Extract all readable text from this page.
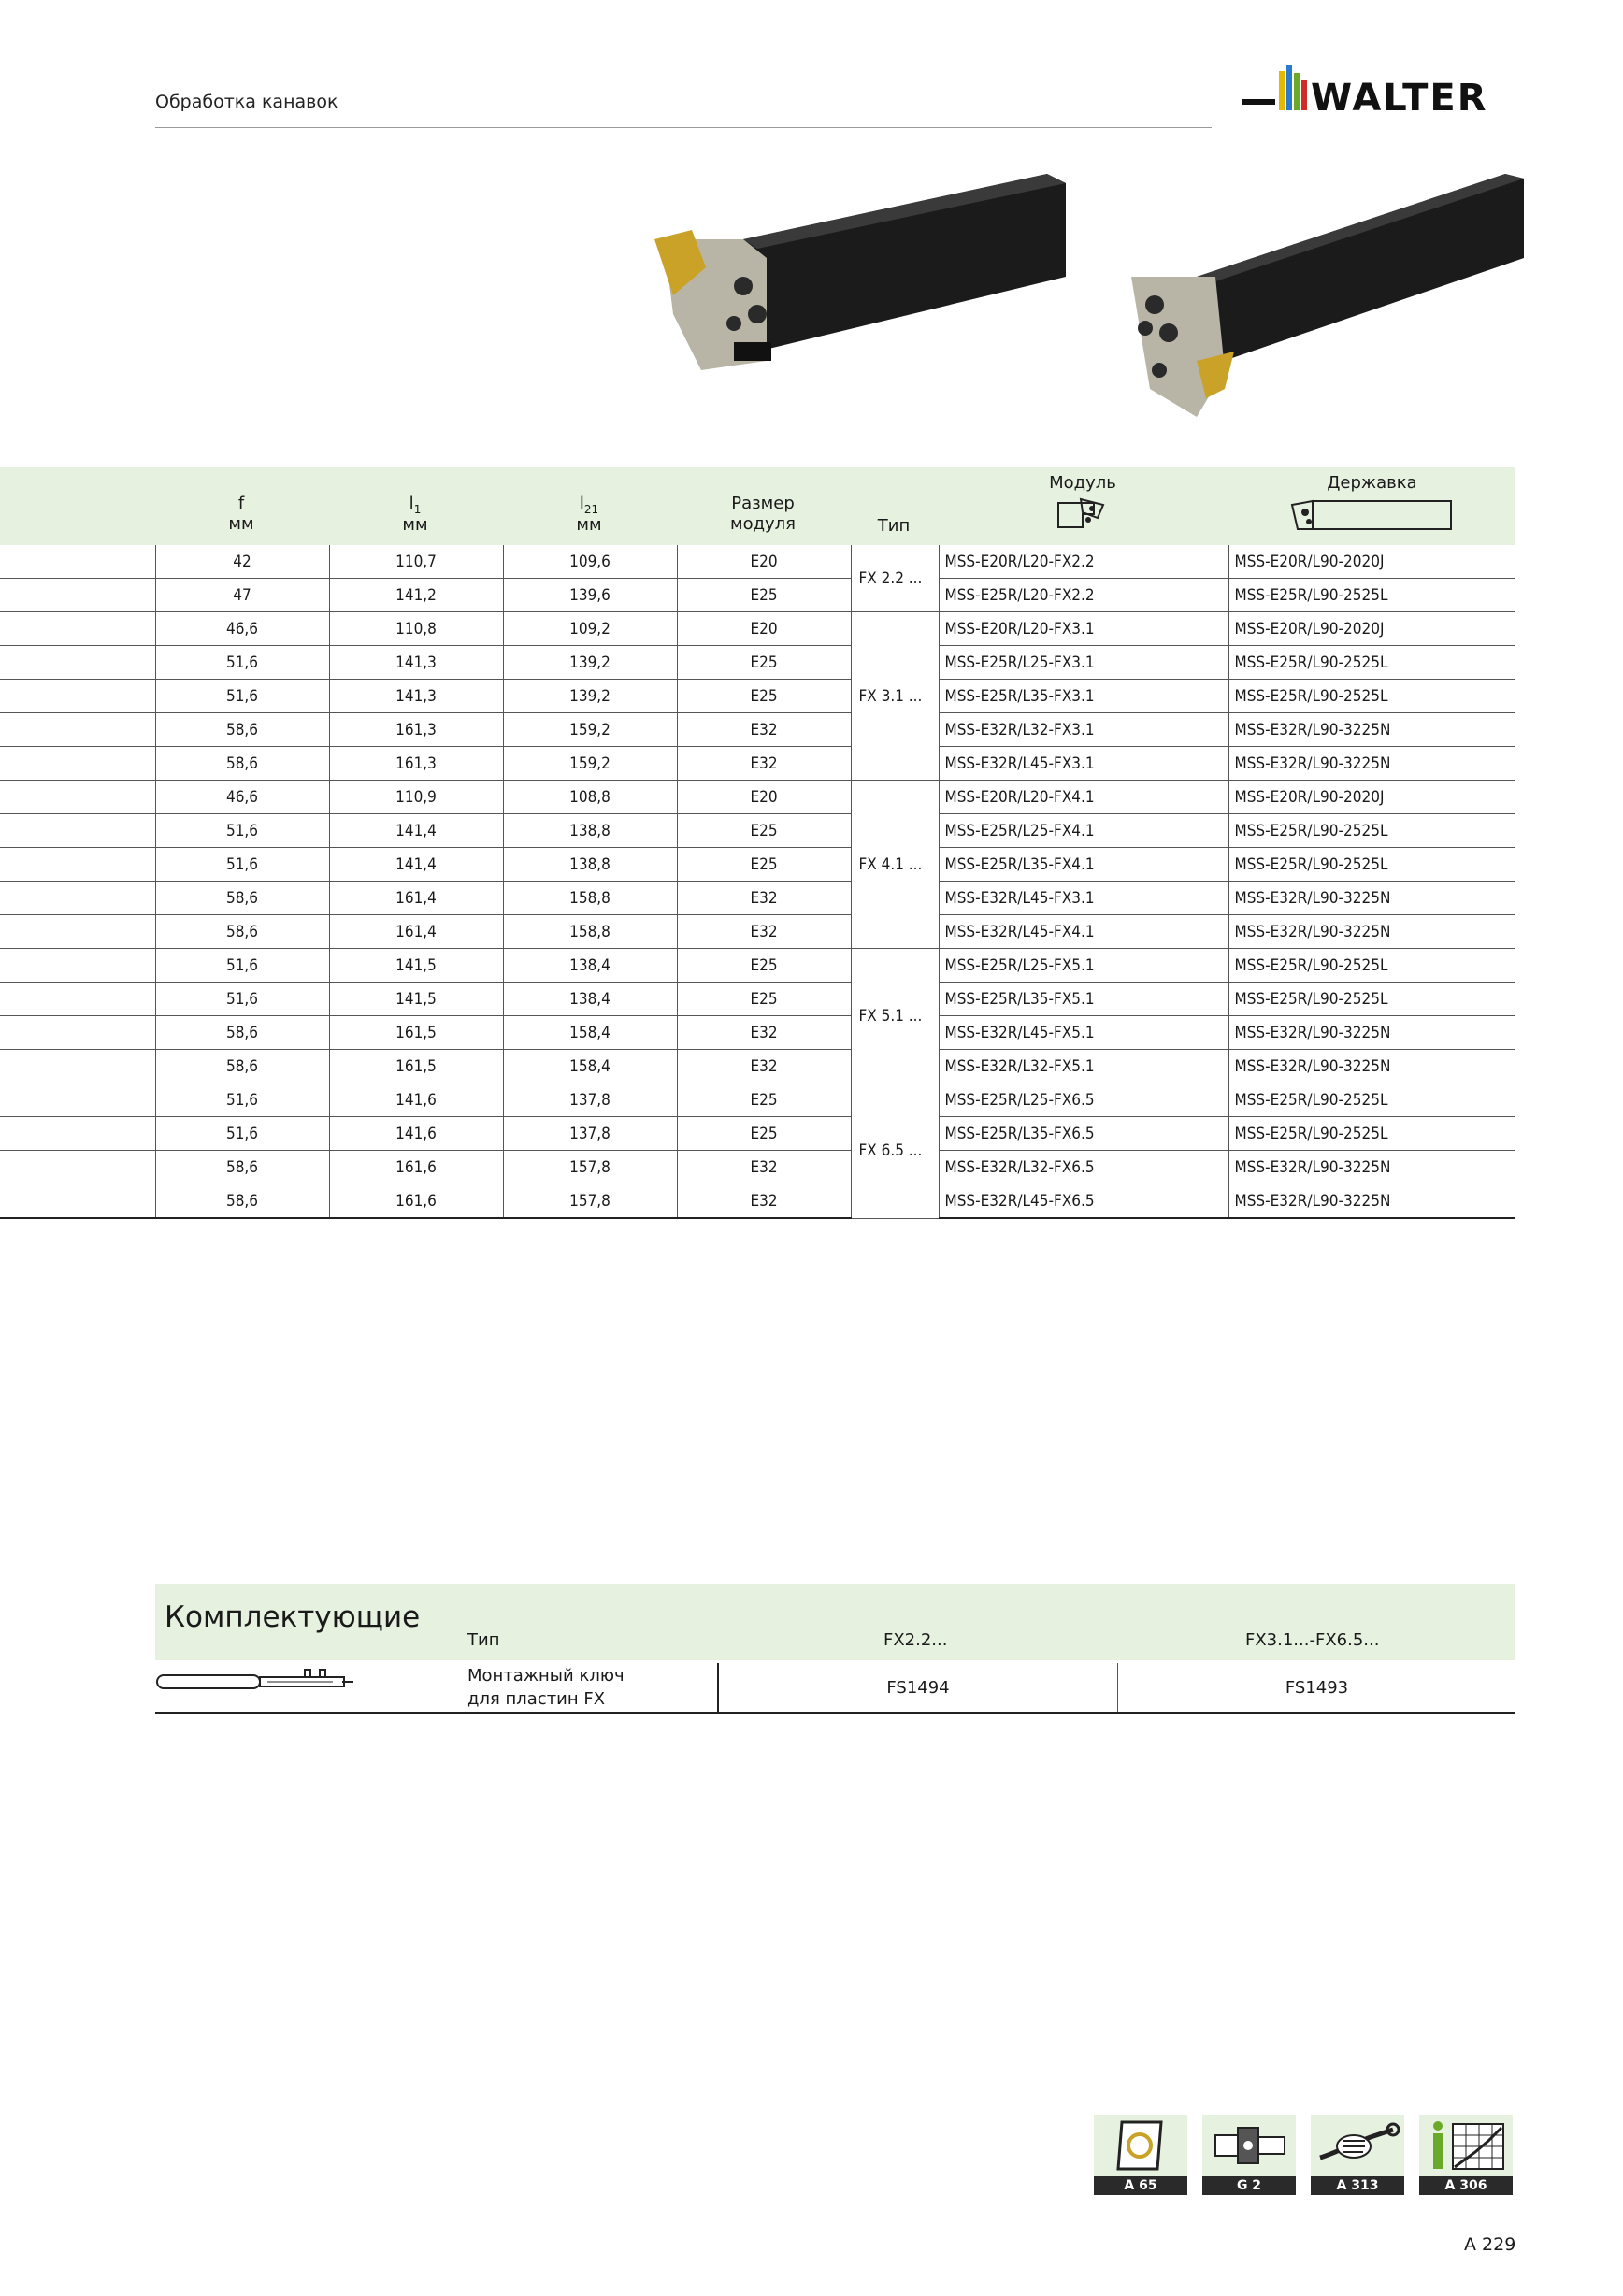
Обработка канавок	WALTER
f
мм
$l_1$
мм
$l_{21}$
мм
Размер
модуля	Тип
Модуль	Державка
	42	110,7	109,6	E20	FX 2.2 ...	MSS-E20R/L20-FX2.2	MSS-E20R/L90-2020J
	47	141,2	139,6	E25		MSS-E25R/L20-FX2.2	MSS-E25R/L90-2525L
	46,6	110,8	109,2	E20	FX 3.1 ...	MSS-E20R/L20-FX3.1	MSS-E20R/L90-2020J
	51,6	141,3	139,2	E25		MSS-E25R/L25-FX3.1	MSS-E25R/L90-2525L
	51,6	141,3	139,2	E25		MSS-E25R/L35-FX3.1	MSS-E25R/L90-2525L
	58,6	161,3	159,2	E32		MSS-E32R/L32-FX3.1	MSS-E32R/L90-3225N
	58,6	161,3	159,2	E32		MSS-E32R/L45-FX3.1	MSS-E32R/L90-3225N
	46,6	110,9	108,8	E20	FX 4.1 ...	MSS-E20R/L20-FX4.1	MSS-E20R/L90-2020J
	51,6	141,4	138,8	E25		MSS-E25R/L25-FX4.1	MSS-E25R/L90-2525L
	51,6	141,4	138,8	E25		MSS-E25R/L35-FX4.1	MSS-E25R/L90-2525L
	58,6	161,4	158,8	E32		MSS-E32R/L45-FX3.1	MSS-E32R/L90-3225N
	58,6	161,4	158,8	E32		MSS-E32R/L45-FX4.1	MSS-E32R/L90-3225N
	51,6	141,5	138,4	E25	FX 5.1 ...	MSS-E25R/L25-FX5.1	MSS-E25R/L90-2525L
	51,6	141,5	138,4	E25		MSS-E25R/L35-FX5.1	MSS-E25R/L90-2525L
	58,6	161,5	158,4	E32		MSS-E32R/L45-FX5.1	MSS-E32R/L90-3225N
	58,6	161,5	158,4	E32		MSS-E32R/L32-FX5.1	MSS-E32R/L90-3225N
	51,6	141,6	137,8	E25	FX 6.5 ...	MSS-E25R/L25-FX6.5	MSS-E25R/L90-2525L
	51,6	141,6	137,8	E25		MSS-E25R/L35-FX6.5	MSS-E25R/L90-2525L
	58,6	161,6	157,8	E32		MSS-E32R/L32-FX6.5	MSS-E32R/L90-3225N
	58,6	161,6	157,8	E32		MSS-E32R/L45-FX6.5	MSS-E32R/L90-3225N
Комплектующие
Тип	FX2.2...	FX3.1...-FX6.5...
Монтажный ключ
для пластин FX
FS1494	FS1493
A 65	G 2	A 313	A 306
A 229
